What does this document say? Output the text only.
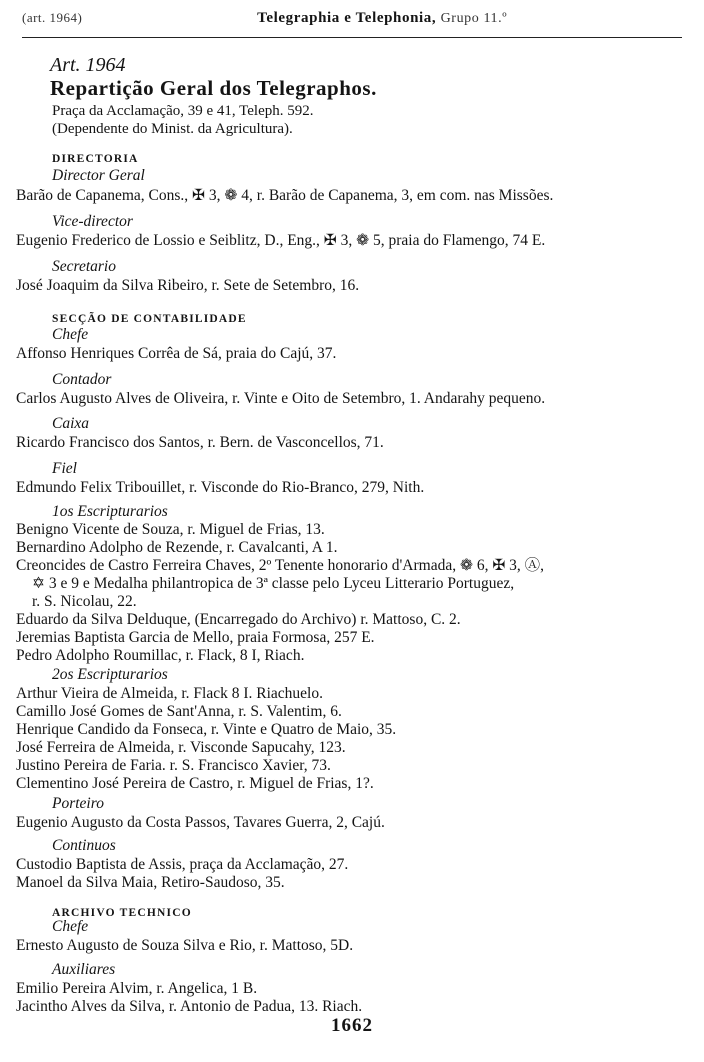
(art. 1964)	Telegraphia e Telephonia, Grupo 11.º
Art. 1964
Repartição Geral dos Telegraphos.
Praça da Acclamação, 39 e 41, Teleph. 592.
(Dependente do Minist. da Agricultura).
DIRECTORIA
Director Geral
Barão de Capanema, Cons., ✠ 3, ❁ 4, r. Barão de Capanema, 3, em com. nas Missões.
Vice-director
Eugenio Frederico de Lossio e Seiblitz, D., Eng., ✠ 3, ❁ 5, praia do Flamengo, 74 E.
Secretario
José Joaquim da Silva Ribeiro, r. Sete de Setembro, 16.
SECÇÃO DE CONTABILIDADE
Chefe
Affonso Henriques Corrêa de Sá, praia do Cajú, 37.
Contador
Carlos Augusto Alves de Oliveira, r. Vinte e Oito de Setembro, 1. Andarahy pequeno.
Caixa
Ricardo Francisco dos Santos, r. Bern. de Vasconcellos, 71.
Fiel
Edmundo Felix Tribouillet, r. Visconde do Rio-Branco, 279, Nith.
1os Escripturarios
Benigno Vicente de Souza, r. Miguel de Frias, 13.
Bernardino Adolpho de Rezende, r. Cavalcanti, A 1.
Creoncides de Castro Ferreira Chaves, 2º Tenente honorario d'Armada, ❁ 6, ✠ 3, Ⓐ,
✡ 3 e 9 e Medalha philantropica de 3ª classe pelo Lyceu Litterario Portuguez,
r. S. Nicolau, 22.
Eduardo da Silva Delduque, (Encarregado do Archivo) r. Mattoso, C. 2.
Jeremias Baptista Garcia de Mello, praia Formosa, 257 E.
Pedro Adolpho Roumillac, r. Flack, 8 I, Riach.
2os Escripturarios
Arthur Vieira de Almeida, r. Flack 8 I. Riachuelo.
Camillo José Gomes de Sant'Anna, r. S. Valentim, 6.
Henrique Candido da Fonseca, r. Vinte e Quatro de Maio, 35.
José Ferreira de Almeida, r. Visconde Sapucahy, 123.
Justino Pereira de Faria. r. S. Francisco Xavier, 73.
Clementino José Pereira de Castro, r. Miguel de Frias, 1?.
Porteiro
Eugenio Augusto da Costa Passos, Tavares Guerra, 2, Cajú.
Continuos
Custodio Baptista de Assis, praça da Acclamação, 27.
Manoel da Silva Maia, Retiro-Saudoso, 35.
ARCHIVO TECHNICO
Chefe
Ernesto Augusto de Souza Silva e Rio, r. Mattoso, 5D.
Auxiliares
Emilio Pereira Alvim, r. Angelica, 1 B.
Jacintho Alves da Silva, r. Antonio de Padua, 13. Riach.
1662
